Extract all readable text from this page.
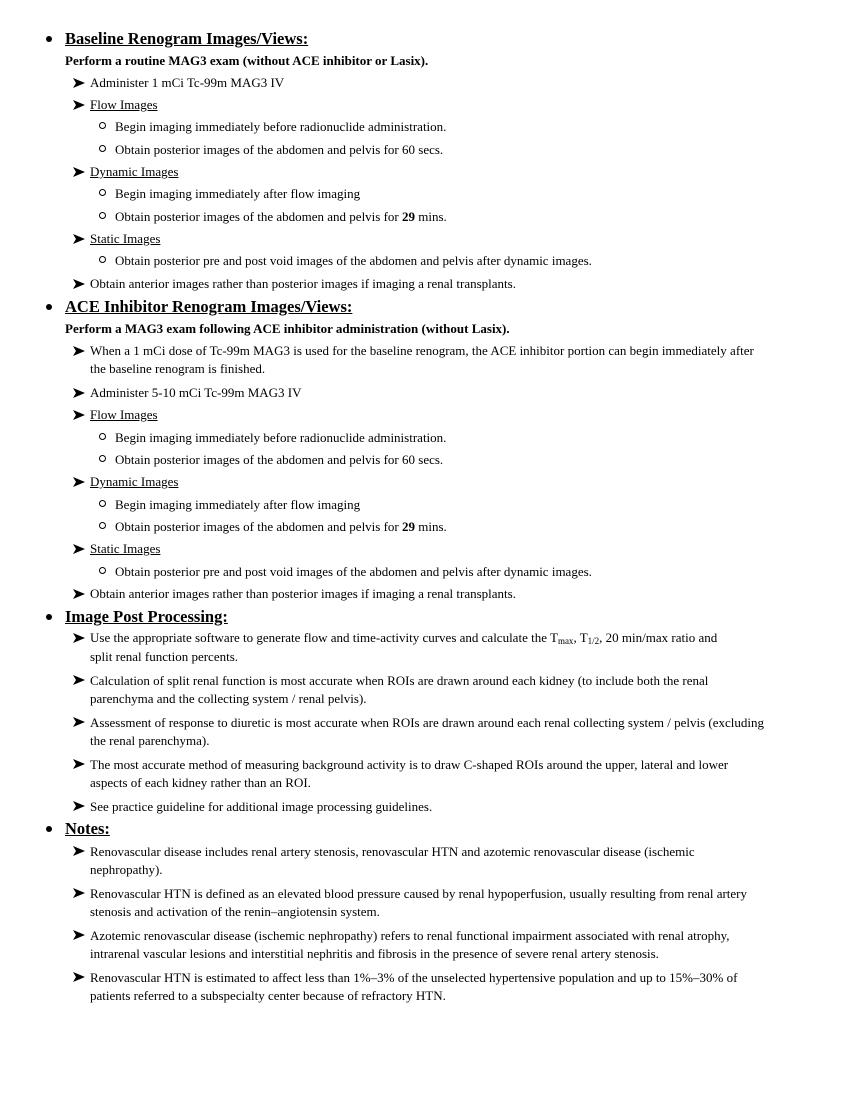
Baseline Renogram Images/Views:
Perform a routine MAG3 exam (without ACE inhibitor or Lasix).
Administer 1 mCi Tc-99m MAG3 IV
Flow Images
Begin imaging immediately before radionuclide administration.
Obtain posterior images of the abdomen and pelvis for 60 secs.
Dynamic Images
Begin imaging immediately after flow imaging
Obtain posterior images of the abdomen and pelvis for 29 mins.
Static Images
Obtain posterior pre and post void images of the abdomen and pelvis after dynamic images.
Obtain anterior images rather than posterior images if imaging a renal transplants.
ACE Inhibitor Renogram Images/Views:
Perform a MAG3 exam following ACE inhibitor administration (without Lasix).
When a 1 mCi dose of Tc-99m MAG3 is used for the baseline renogram, the ACE inhibitor portion can begin immediately after
the baseline renogram is finished.
Administer 5-10 mCi Tc-99m MAG3 IV
Flow Images
Begin imaging immediately before radionuclide administration.
Obtain posterior images of the abdomen and pelvis for 60 secs.
Dynamic Images
Begin imaging immediately after flow imaging
Obtain posterior images of the abdomen and pelvis for 29 mins.
Static Images
Obtain posterior pre and post void images of the abdomen and pelvis after dynamic images.
Obtain anterior images rather than posterior images if imaging a renal transplants.
Image Post Processing:
Use the appropriate software to generate flow and time-activity curves and calculate the $T_{max}$, $T_{1/2}$, 20 min/max ratio and
split renal function percents.
Calculation of split renal function is most accurate when ROIs are drawn around each kidney (to include both the renal
parenchyma and the collecting system / renal pelvis).
Assessment of response to diuretic is most accurate when ROIs are drawn around each renal collecting system / pelvis (excluding
the renal parenchyma).
The most accurate method of measuring background activity is to draw C-shaped ROIs around the upper, lateral and lower
aspects of each kidney rather than an ROI.
See practice guideline for additional image processing guidelines.
Notes:
Renovascular disease includes renal artery stenosis, renovascular HTN and azotemic renovascular disease (ischemic
nephropathy).
Renovascular HTN is defined as an elevated blood pressure caused by renal hypoperfusion, usually resulting from renal artery
stenosis and activation of the renin–angiotensin system.
Azotemic renovascular disease (ischemic nephropathy) refers to renal functional impairment associated with renal atrophy,
intrarenal vascular lesions and interstitial nephritis and fibrosis in the presence of severe renal artery stenosis.
Renovascular HTN is estimated to affect less than 1%–3% of the unselected hypertensive population and up to 15%–30% of
patients referred to a subspecialty center because of refractory HTN.
